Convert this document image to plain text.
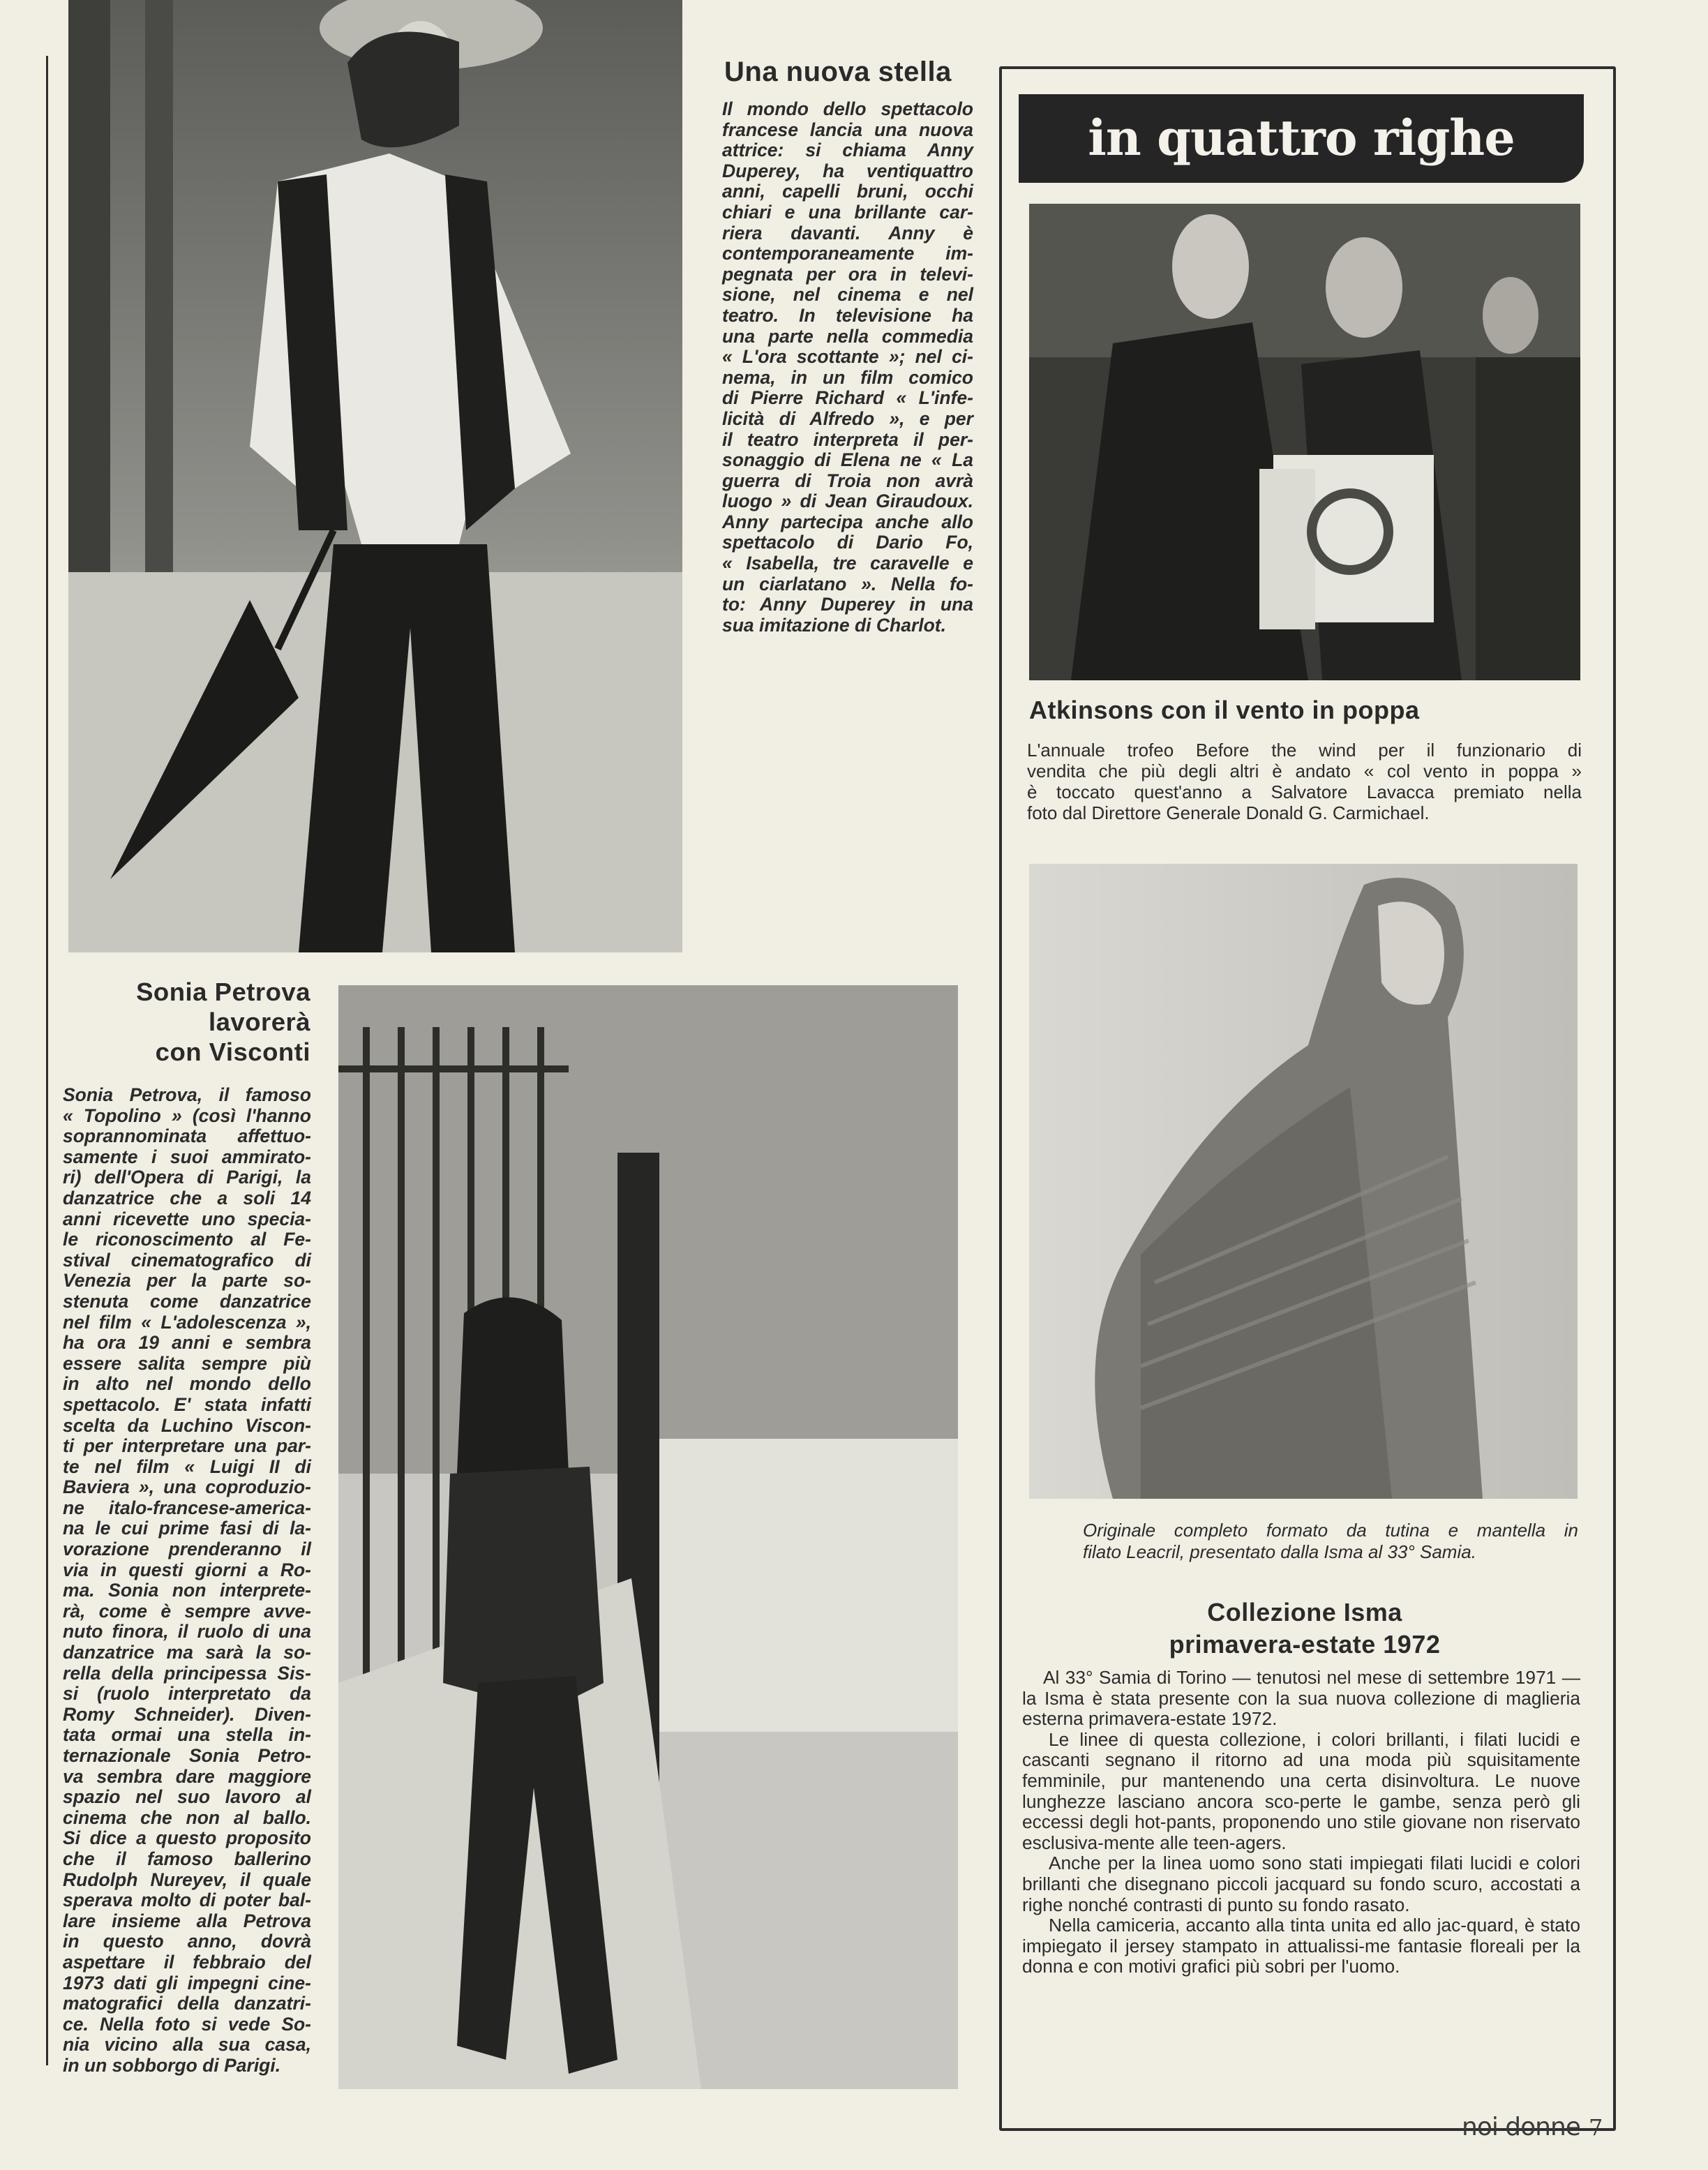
Una nuova stella
Il mondo dello spettacolo
francese lancia una nuova
attrice: si chiama Anny
Duperey, ha ventiquattro
anni, capelli bruni, occhi
chiari e una brillante car-
riera davanti. Anny è
contemporaneamente im-
pegnata per ora in televi-
sione, nel cinema e nel
teatro. In televisione ha
una parte nella commedia
« L'ora scottante »; nel ci-
nema, in un film comico
di Pierre Richard « L'infe-
licità di Alfredo », e per
il teatro interpreta il per-
sonaggio di Elena ne « La
guerra di Troia non avrà
luogo » di Jean Giraudoux.
Anny partecipa anche allo
spettacolo di Dario Fo,
« Isabella, tre caravelle e
un ciarlatano ». Nella fo-
to: Anny Duperey in una
sua imitazione di Charlot.
in quattro righe
Atkinsons con il vento in poppa
L'annuale trofeo Before the wind per il funzionario di
vendita che più degli altri è andato « col vento in poppa »
è toccato quest'anno a Salvatore Lavacca premiato nella
foto dal Direttore Generale Donald G. Carmichael.
Originale completo formato da tutina e mantella in
filato Leacril, presentato dalla Isma al 33° Samia.
Collezione Isma
primavera-estate 1972

Al 33° Samia di Torino — tenutosi nel mese di settembre 1971 — la Isma è stata presente con la sua nuova collezione di maglieria esterna primavera-estate 1972.

Le linee di questa collezione, i colori brillanti, i filati lucidi e cascanti segnano il ritorno ad una moda più squisitamente femminile, pur mantenendo una certa disinvoltura. Le nuove lunghezze lasciano ancora sco-perte le gambe, senza però gli eccessi degli hot-pants, proponendo uno stile giovane non riservato esclusiva-mente alle teen-agers.

Anche per la linea uomo sono stati impiegati filati lucidi e colori brillanti che disegnano piccoli jacquard su fondo scuro, accostati a righe nonché contrasti di punto su fondo rasato.

Nella camiceria, accanto alla tinta unita ed allo jac-quard, è stato impiegato il jersey stampato in attualissi-me fantasie floreali per la donna e con motivi grafici più sobri per l'uomo.

Sonia Petrova
lavorerà
con Visconti
Sonia Petrova, il famoso
« Topolino » (così l'hanno
soprannominata affettuo-
samente i suoi ammirato-
ri) dell'Opera di Parigi, la
danzatrice che a soli 14
anni ricevette uno specia-
le riconoscimento al Fe-
stival cinematografico di
Venezia per la parte so-
stenuta come danzatrice
nel film « L'adolescenza »,
ha ora 19 anni e sembra
essere salita sempre più
in alto nel mondo dello
spettacolo. E' stata infatti
scelta da Luchino Viscon-
ti per interpretare una par-
te nel film « Luigi II di
Baviera », una coproduzio-
ne italo-francese-america-
na le cui prime fasi di la-
vorazione prenderanno il
via in questi giorni a Ro-
ma. Sonia non interprete-
rà, come è sempre avve-
nuto finora, il ruolo di una
danzatrice ma sarà la so-
rella della principessa Sis-
si (ruolo interpretato da
Romy Schneider). Diven-
tata ormai una stella in-
ternazionale Sonia Petro-
va sembra dare maggiore
spazio nel suo lavoro al
cinema che non al ballo.
Si dice a questo proposito
che il famoso ballerino
Rudolph Nureyev, il quale
sperava molto di poter bal-
lare insieme alla Petrova
in questo anno, dovrà
aspettare il febbraio del
1973 dati gli impegni cine-
matografici della danzatri-
ce. Nella foto si vede So-
nia vicino alla sua casa,
in un sobborgo di Parigi.
noi donne 7
